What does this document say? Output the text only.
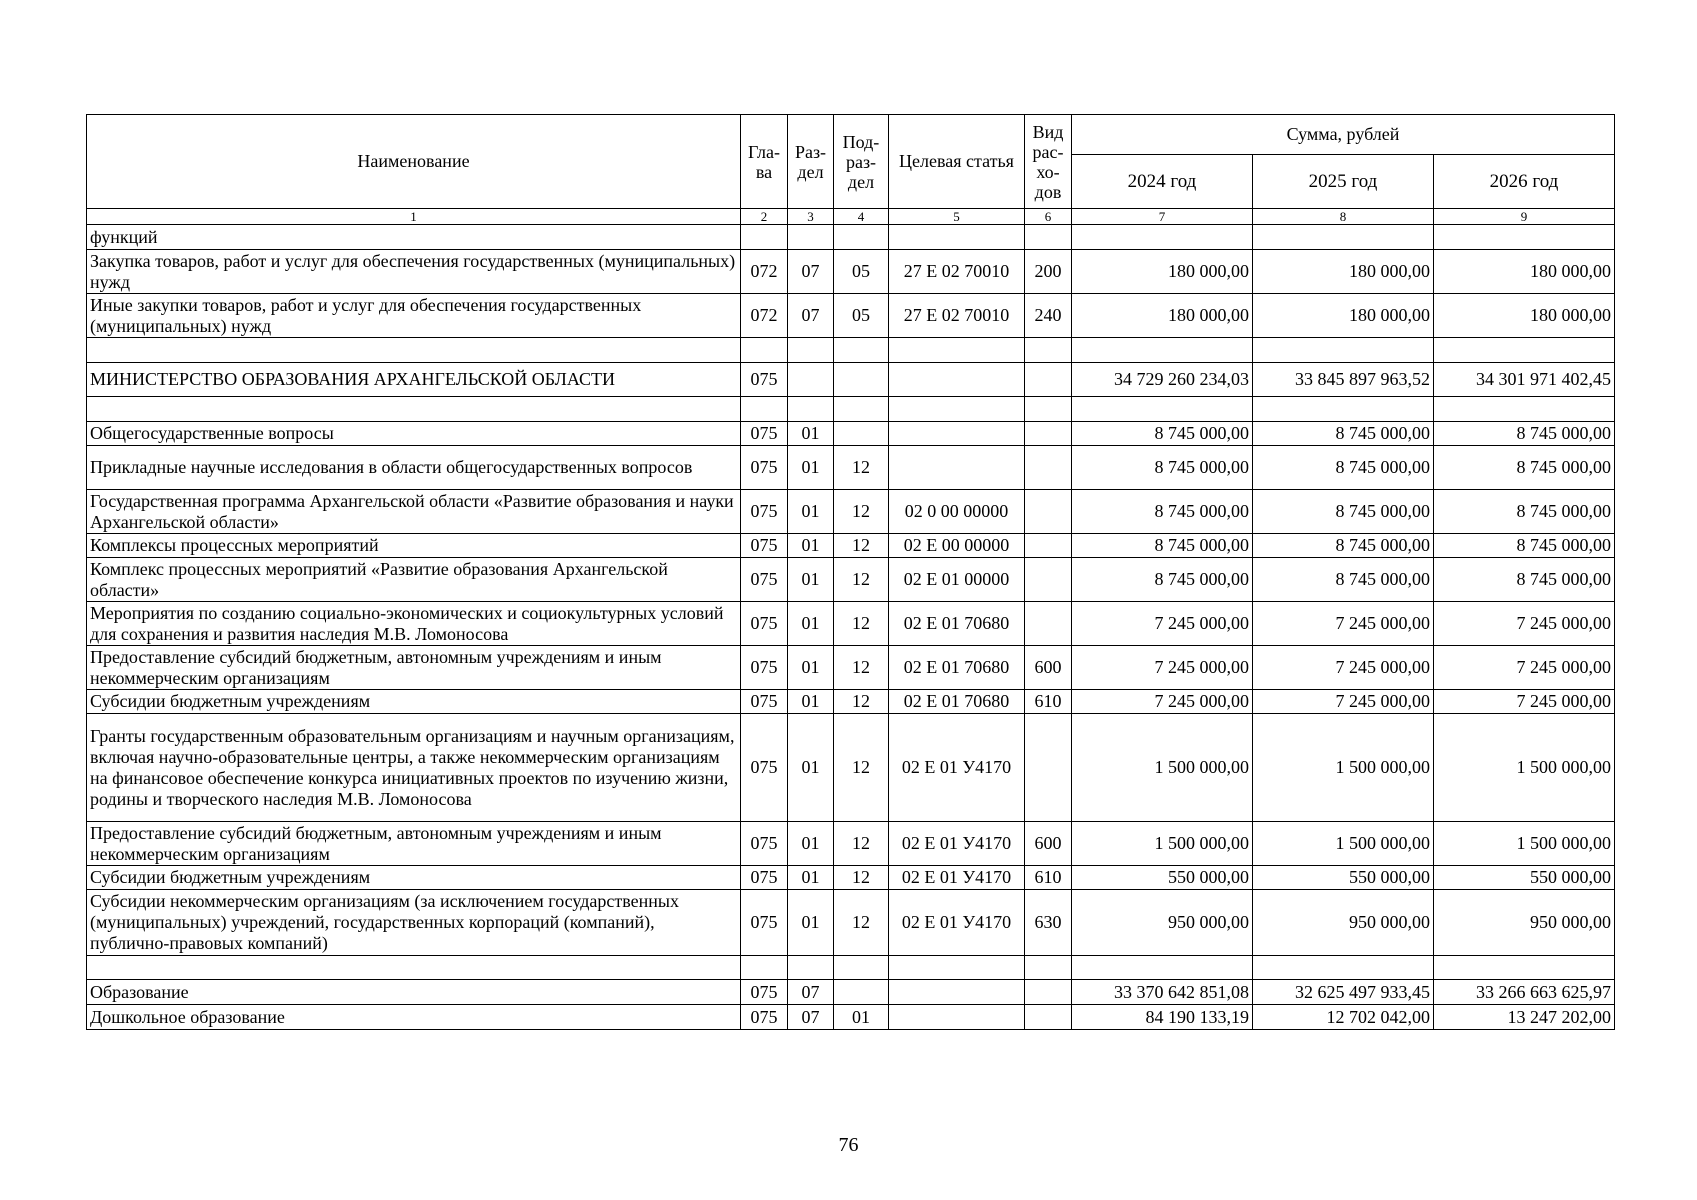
Наименование	Гла-ва	Раз-дел	Под-раз-дел	Целевая статья	Вид рас-хо-дов	Сумма, рублей		
						2024 год	2025 год	2026 год
1	2	3	4	5	6	7	8	9
функций								
Закупка товаров, работ и услуг для обеспечения государственных (муниципальных) нужд	072	07	05	27 Е 02 70010	200	180 000,00	180 000,00	180 000,00
Иные закупки товаров, работ и услуг для обеспечения государственных (муниципальных) нужд	072	07	05	27 Е 02 70010	240	180 000,00	180 000,00	180 000,00

МИНИСТЕРСТВО ОБРАЗОВАНИЯ АРХАНГЕЛЬСКОЙ ОБЛАСТИ	075					34 729 260 234,03	33 845 897 963,52	34 301 971 402,45

Общегосударственные вопросы	075	01				8 745 000,00	8 745 000,00	8 745 000,00
Прикладные научные исследования в области общегосударственных вопросов	075	01	12			8 745 000,00	8 745 000,00	8 745 000,00
Государственная программа Архангельской области «Развитие образования и науки Архангельской области»	075	01	12	02 0 00 00000		8 745 000,00	8 745 000,00	8 745 000,00
Комплексы процессных мероприятий	075	01	12	02 Е 00 00000		8 745 000,00	8 745 000,00	8 745 000,00
Комплекс процессных мероприятий «Развитие образования Архангельской области»	075	01	12	02 Е 01 00000		8 745 000,00	8 745 000,00	8 745 000,00
Мероприятия по созданию социально-экономических и социокультурных условий для сохранения и развития наследия М.В. Ломоносова	075	01	12	02 Е 01 70680		7 245 000,00	7 245 000,00	7 245 000,00
Предоставление субсидий бюджетным, автономным учреждениям и иным некоммерческим организациям	075	01	12	02 Е 01 70680	600	7 245 000,00	7 245 000,00	7 245 000,00
Субсидии бюджетным учреждениям	075	01	12	02 Е 01 70680	610	7 245 000,00	7 245 000,00	7 245 000,00
Гранты государственным образовательным организациям и научным организациям, включая научно-образовательные центры, а также некоммерческим организациям на финансовое обеспечение конкурса инициативных проектов по изучению жизни, родины и творческого наследия М.В. Ломоносова	075	01	12	02 Е 01 У4170		1 500 000,00	1 500 000,00	1 500 000,00
Предоставление субсидий бюджетным, автономным учреждениям и иным некоммерческим организациям	075	01	12	02 Е 01 У4170	600	1 500 000,00	1 500 000,00	1 500 000,00
Субсидии бюджетным учреждениям	075	01	12	02 Е 01 У4170	610	550 000,00	550 000,00	550 000,00
Субсидии некоммерческим организациям (за исключением государственных (муниципальных) учреждений, государственных корпораций (компаний), публично-правовых компаний)	075	01	12	02 Е 01 У4170	630	950 000,00	950 000,00	950 000,00

Образование	075	07				33 370 642 851,08	32 625 497 933,45	33 266 663 625,97
Дошкольное образование	075	07	01			84 190 133,19	12 702 042,00	13 247 202,00
76
